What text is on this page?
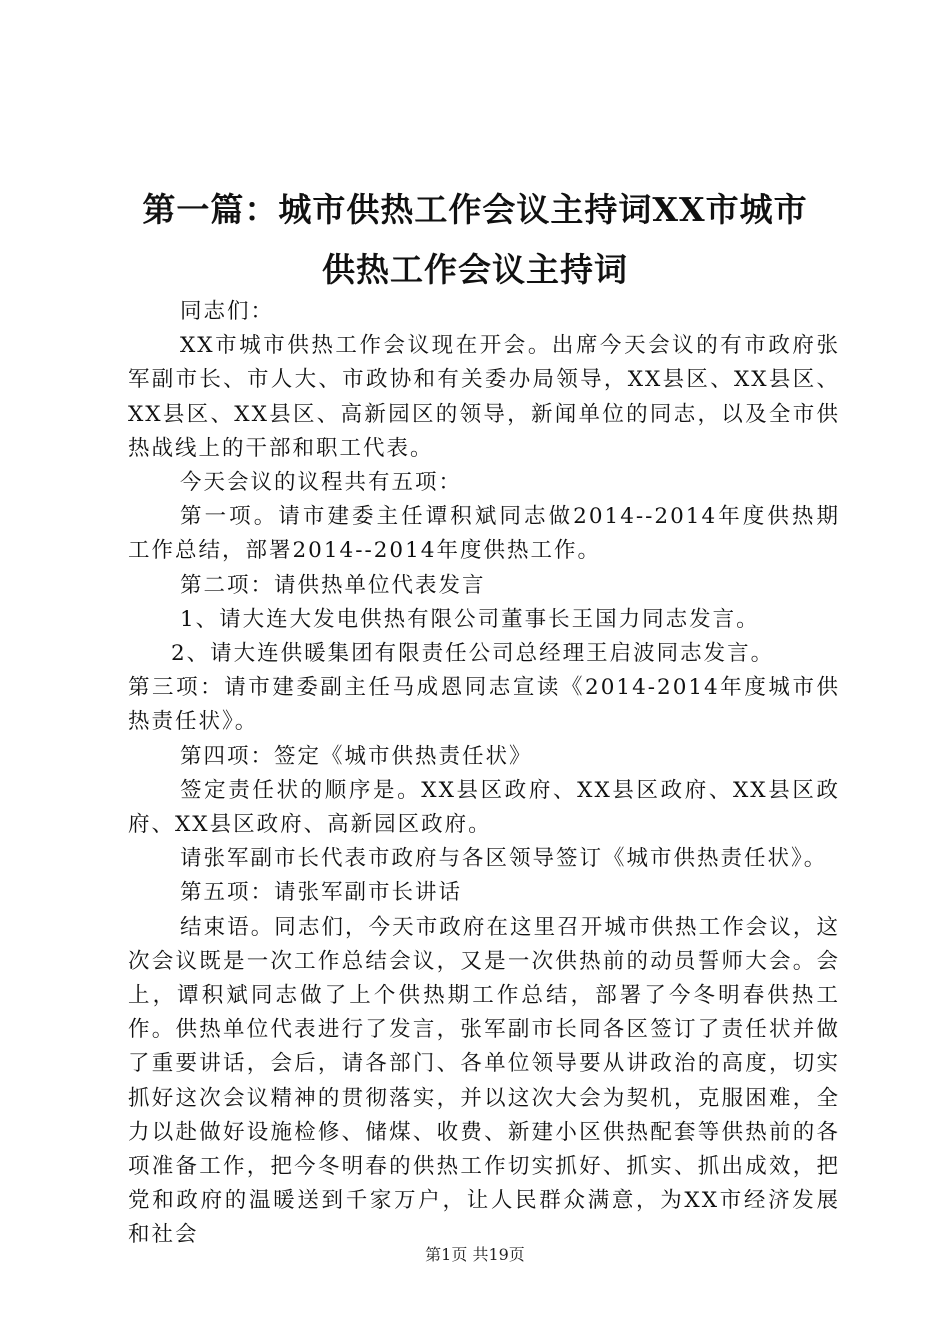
第一篇：城市供热工作会议主持词XX市城市
供热工作会议主持词

同志们：

XX市城市供热工作会议现在开会。出席今天会议的有市政府张军副市长、市人大、市政协和有关委办局领导，XX县区、XX县区、XX县区、XX县区、高新园区的领导，新闻单位的同志，以及全市供热战线上的干部和职工代表。

今天会议的议程共有五项：

第一项。请市建委主任谭积斌同志做2014--2014年度供热期工作总结，部署2014--2014年度供热工作。

第二项：请供热单位代表发言

1、请大连大发电供热有限公司董事长王国力同志发言。

2、请大连供暖集团有限责任公司总经理王启波同志发言。

第三项：请市建委副主任马成恩同志宣读《2014-2014年度城市供热责任状》。

第四项：签定《城市供热责任状》

签定责任状的顺序是。XX县区政府、XX县区政府、XX县区政府、XX县区政府、高新园区政府。

请张军副市长代表市政府与各区领导签订《城市供热责任状》。

第五项：请张军副市长讲话

结束语。同志们，今天市政府在这里召开城市供热工作会议，这次会议既是一次工作总结会议，又是一次供热前的动员誓师大会。会上，谭积斌同志做了上个供热期工作总结，部署了今冬明春供热工作。供热单位代表进行了发言，张军副市长同各区签订了责任状并做了重要讲话，会后，请各部门、各单位领导要从讲政治的高度，切实抓好这次会议精神的贯彻落实，并以这次大会为契机，克服困难，全力以赴做好设施检修、储煤、收费、新建小区供热配套等供热前的各项准备工作，把今冬明春的供热工作切实抓好、抓实、抓出成效，把党和政府的温暖送到千家万户，让人民群众满意，为XX市经济发展和社会

第1页 共19页
